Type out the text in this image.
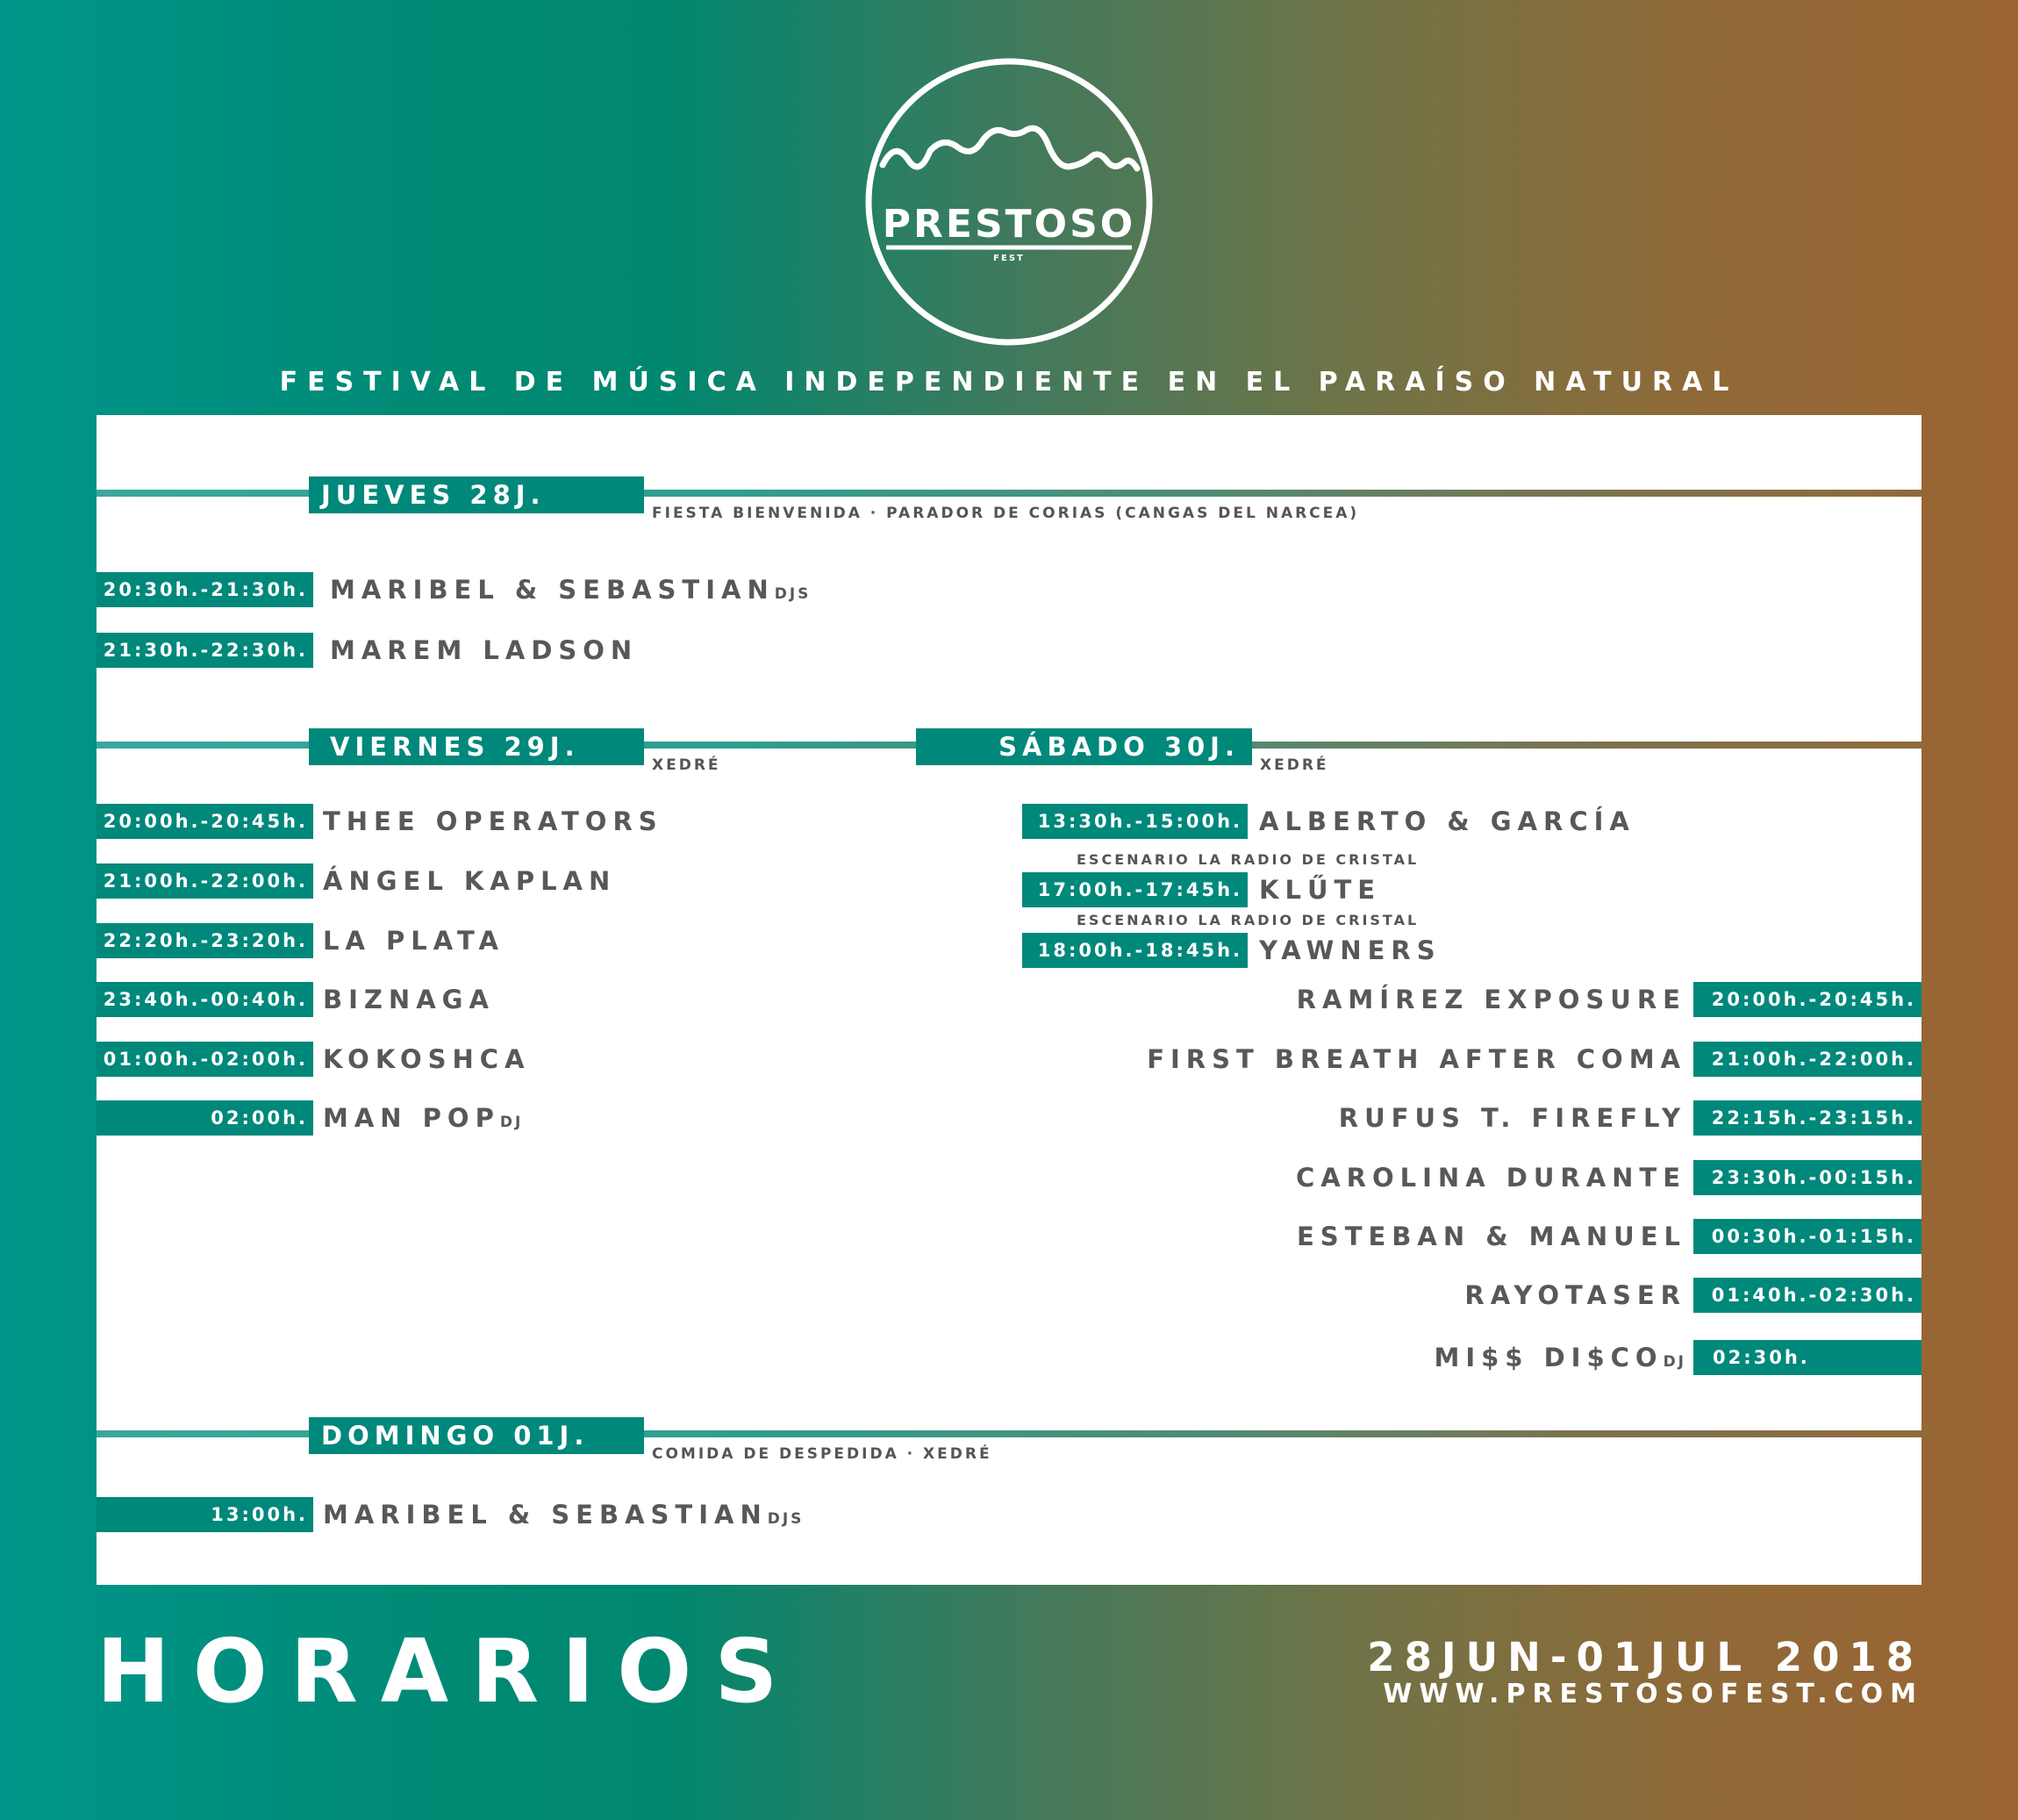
PRESTOSO
FEST
FESTIVAL DE MÚSICA INDEPENDIENTE EN EL PARAÍSO NATURAL
JUEVES 28J.
FIESTA BIENVENIDA · PARADOR DE CORIAS (CANGAS DEL NARCEA)
20:30h.-21:30h. MARIBEL & SEBASTIANDJS
21:30h.-22:30h. MAREM LADSON
VIERNES 29J.
XEDRÉ
SÁBADO 30J.
XEDRÉ
20:00h.-20:45h. THEE OPERATORS
21:00h.-22:00h. ÁNGEL KAPLAN
22:20h.-23:20h. LA PLATA
23:40h.-00:40h. BIZNAGA
01:00h.-02:00h. KOKOSHCA
02:00h. MAN POPDJ
13:30h.-15:00h. ALBERTO & GARCÍA
ESCENARIO LA RADIO DE CRISTAL
17:00h.-17:45h. KLŰTE
ESCENARIO LA RADIO DE CRISTAL
18:00h.-18:45h. YAWNERS
RAMÍREZ EXPOSURE	20:00h.-20:45h.
FIRST BREATH AFTER COMA	21:00h.-22:00h.
RUFUS T. FIREFLY	22:15h.-23:15h.
CAROLINA DURANTE	23:30h.-00:15h.
ESTEBAN & MANUEL	00:30h.-01:15h.
RAYOTASER	01:40h.-02:30h.
MI$$ DI$CODJ	02:30h.
DOMINGO 01J.
COMIDA DE DESPEDIDA · XEDRÉ
13:00h. MARIBEL & SEBASTIANDJS
HORARIOS	28JUN-01JUL 2018
WWW.PRESTOSOFEST.COM
